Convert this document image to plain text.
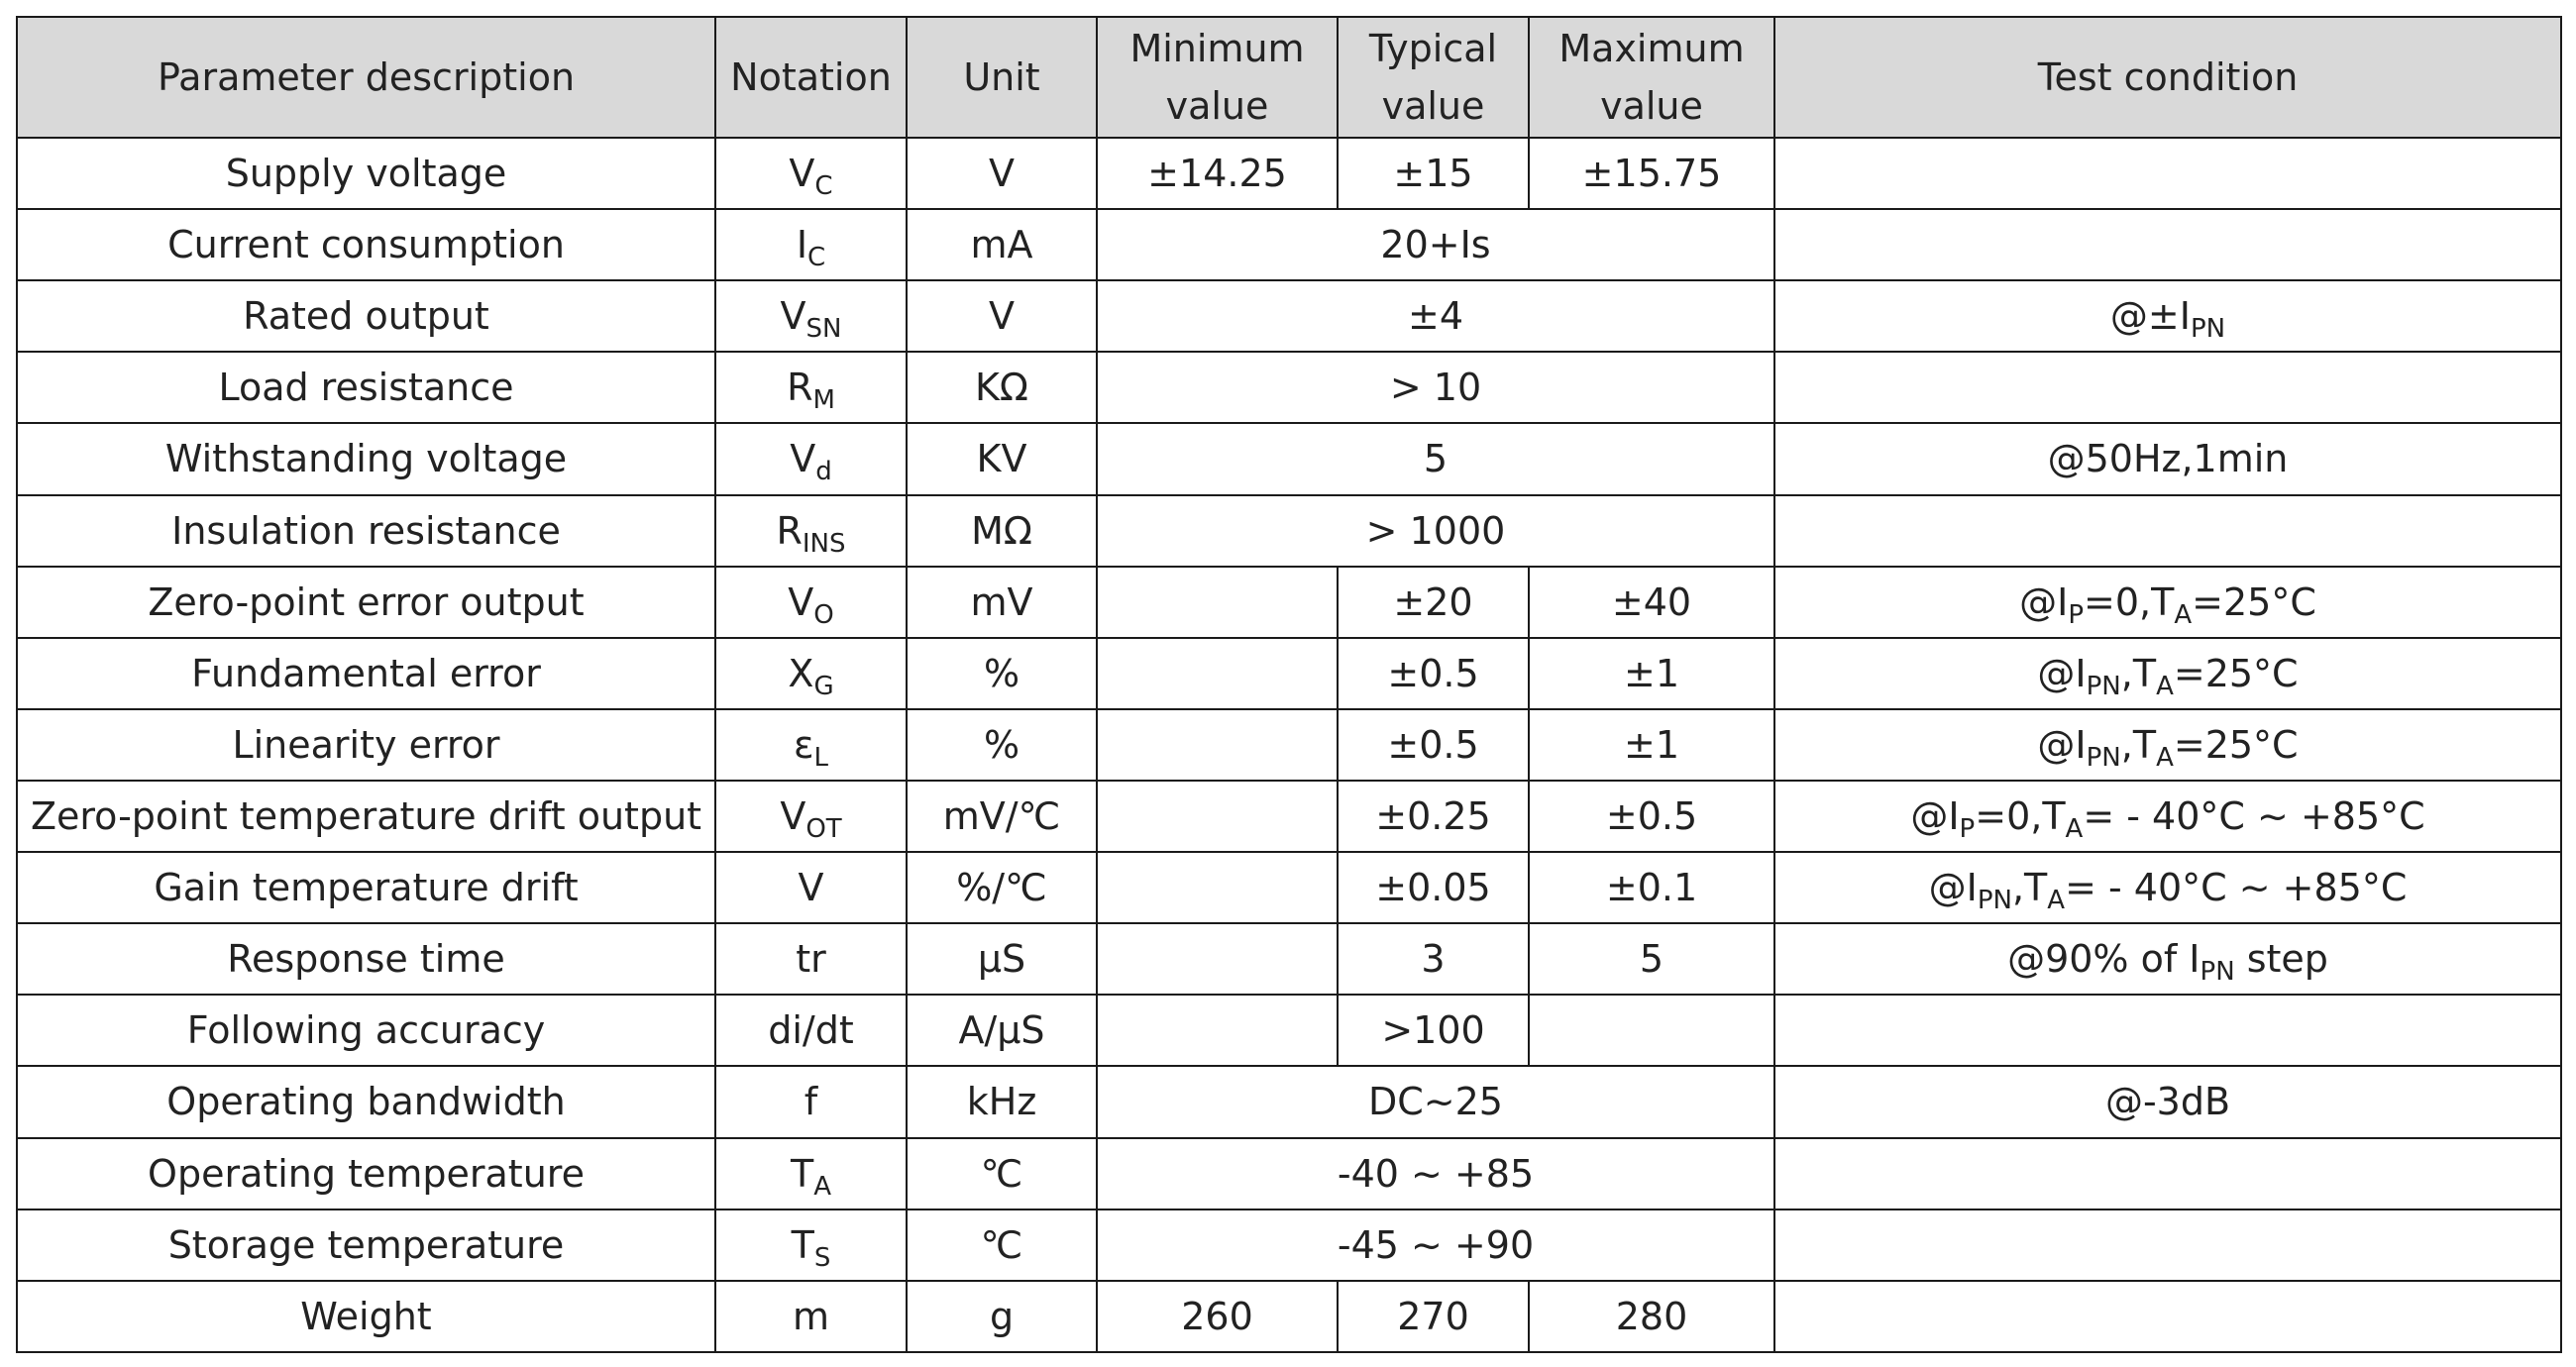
Parameter description	Notation	Unit	Minimum value	Typical value	Maximum value	Test condition
Supply voltage	$V_C$	V	±14.25	±15	±15.75	
Current consumption	$I_C$	mA	20+Is			
Rated output	$V_{SN}$	V	±4			$@\pm I_{PN}$
Load resistance	$R_M$	KΩ	> 10			
Withstanding voltage	$V_d$	KV	5			@50Hz,1min
Insulation resistance	$R_{INS}$	MΩ	> 1000			
Zero-point error output	$V_O$	mV		±20	±40	$@I_P=0,T_A=25^\circ C$
Fundamental error	$X_G$	%		±0.5	±1	$@I_{PN},T_A=25^\circ C$
Linearity error	$\varepsilon_L$	%		±0.5	±1	$@I_{PN},T_A=25^\circ C$
Zero-point temperature drift output	$V_{OT}$	mV/℃		±0.25	±0.5	$@I_P=0,T_A= - 40^\circ C$ ~ +85°C
Gain temperature drift	V	%/℃		±0.05	±0.1	$@I_{PN},T_A= - 40^\circ C$ ~ +85°C
Response time	tr	μS		3	5	@90% of $I_{PN}$ step
Following accuracy	di/dt	A/μS		>100		
Operating bandwidth	f	kHz	DC~25			@-3dB
Operating temperature	$T_A$	℃	-40 ~ +85			
Storage temperature	$T_S$	℃	-45 ~ +90			
Weight	m	g	260	270	280	
